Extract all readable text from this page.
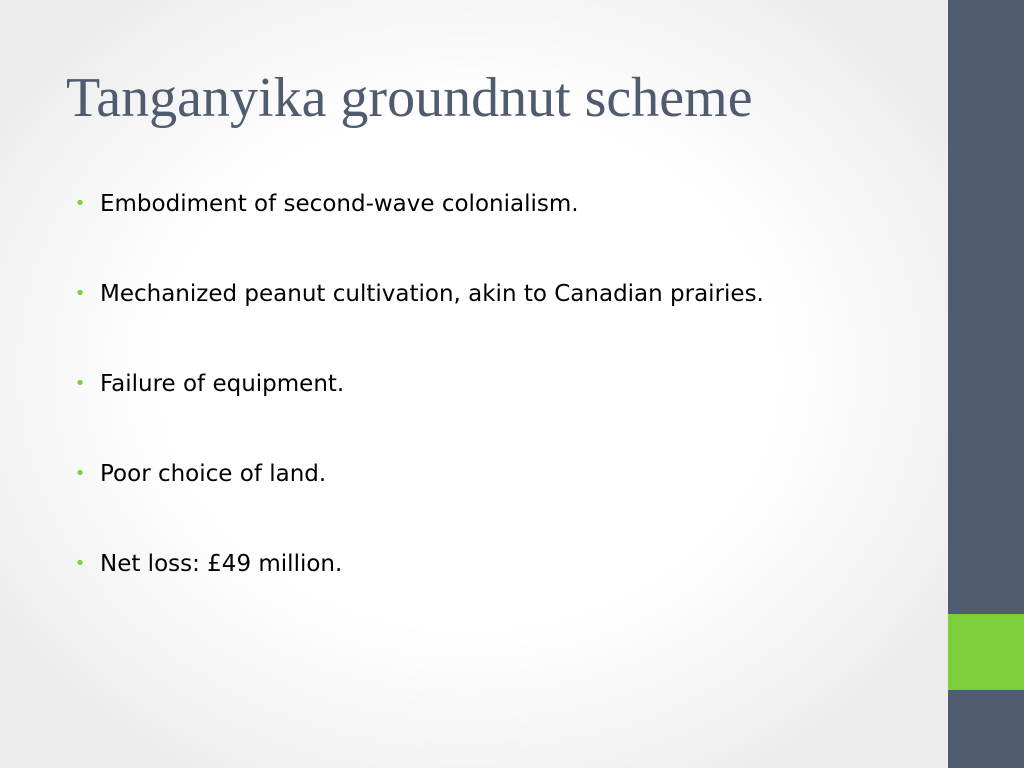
Tanganyika groundnut scheme
• Embodiment of second-wave colonialism.
• Mechanized peanut cultivation, akin to Canadian prairies.
• Failure of equipment.
• Poor choice of land.
• Net loss: £49 million.
